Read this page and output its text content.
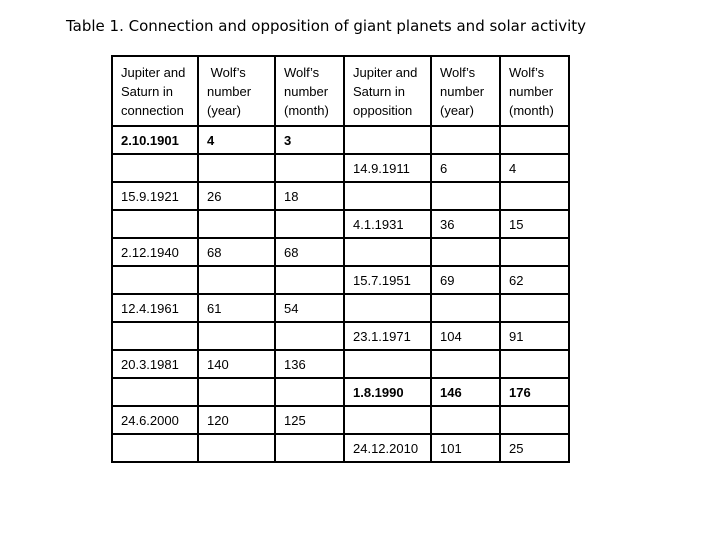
Table 1. Connection and opposition of giant planets and solar activity
Jupiter and
Saturn in
connection	Wolf’s
number
(year)	Wolf’s
number
(month)	Jupiter and
Saturn in
opposition	Wolf’s
number
(year)	Wolf’s
number
(month)

2.10.1901	4	3			
			14.9.1911	6	4
15.9.1921	26	18			
			4.1.1931	36	15
2.12.1940	68	68			
			15.7.1951	69	62
12.4.1961	61	54			
			23.1.1971	104	91
20.3.1981	140	136			
			1.8.1990	146	176
24.6.2000	120	125			
			24.12.2010	101	25
